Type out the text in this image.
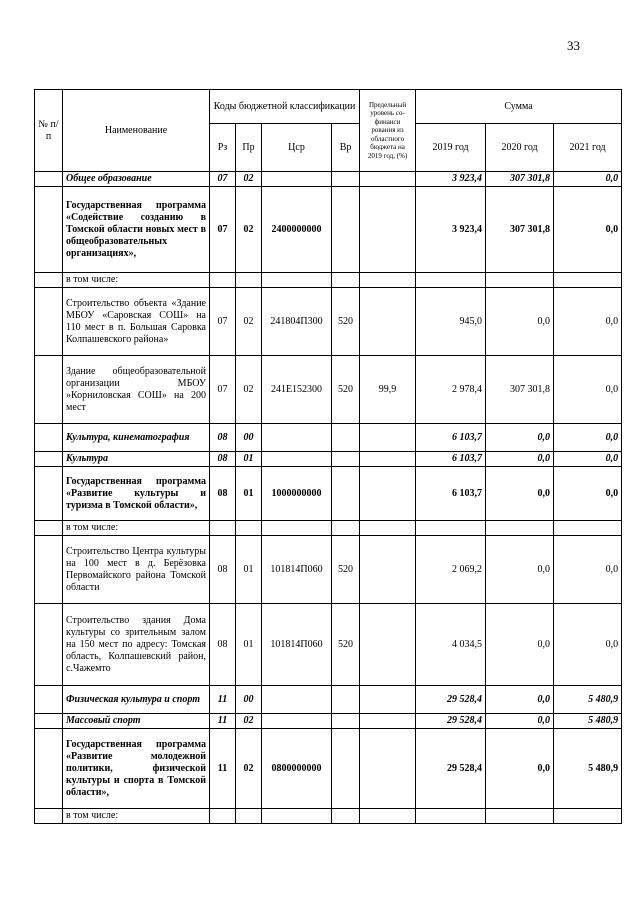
33
№ п/п	Наименование	Коды бюджетной классификации				Предельный уровень со-финанси рования из областного бюджета на 2019 год, (%)	Сумма		
		Рз	Пр	Цср	Вр		2019 год	2020 год	2021 год
	Общее образование	07	02				3 923,4	307 301,8	0,0
	Государственная программа «Содействие созданию в Томской области новых мест в общеобразовательных организациях»,	07	02	2400000000			3 923,4	307 301,8	0,0
	в том числе:								
	Строительство объекта «Здание МБОУ «Саровская СОШ» на 110 мест в п. Большая Саровка Колпашевского района»	07	02	241804П300	520		945,0	0,0	0,0
	Здание общеобразовательной организации МБОУ »Корниловская СОШ» на 200 мест	07	02	241Е152300	520	99,9	2 978,4	307 301,8	0,0
	Культура, кинематография	08	00				6 103,7	0,0	0,0
	Культура	08	01				6 103,7	0,0	0,0
	Государственная программа «Развитие культуры и туризма в Томской области»,	08	01	1000000000			6 103,7	0,0	0,0
	в том числе:								
	Строительство Центра культуры на 100 мест в д. Берёзовка Первомайского района Томской области	08	01	101814П060	520		2 069,2	0,0	0,0
	Строительство здания Дома культуры со зрительным залом на 150 мест по адресу: Томская область, Колпашевский район, с.Чажемто	08	01	101814П060	520		4 034,5	0,0	0,0
	Физическая культура и спорт	11	00				29 528,4	0,0	5 480,9
	Массовый спорт	11	02				29 528,4	0,0	5 480,9
	Государственная программа «Развитие молодежной политики, физической культуры и спорта в Томской области»,	11	02	0800000000			29 528,4	0,0	5 480,9
	в том числе:								
